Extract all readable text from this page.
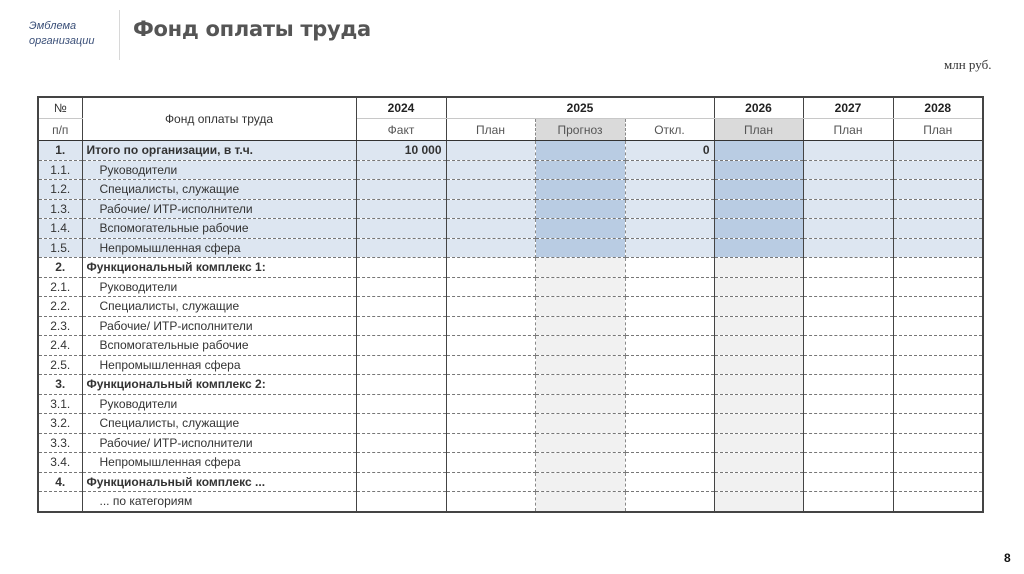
Эмблема
организации Фонд оплаты труда
млн руб.
№	Фонд оплаты труда	2024	2025			2026	2027	2028
п/п		Факт	План	Прогноз	Откл.	План	План	План
1.	Итого по организации, в т.ч.	10 000			0			
1.1.	Руководители							
1.2.	Специалисты, служащие							
1.3.	Рабочие/ ИТР-исполнители							
1.4.	Вспомогательные рабочие							
1.5.	Непромышленная сфера							
2.	Функциональный комплекс 1:							
2.1.	Руководители							
2.2.	Специалисты, служащие							
2.3.	Рабочие/ ИТР-исполнители							
2.4.	Вспомогательные рабочие							
2.5.	Непромышленная сфера							
3.	Функциональный комплекс 2:							
3.1.	Руководители							
3.2.	Специалисты, служащие							
3.3.	Рабочие/ ИТР-исполнители							
3.4.	Непромышленная сфера							
4.	Функциональный комплекс ...							
	... по категориям							
8
